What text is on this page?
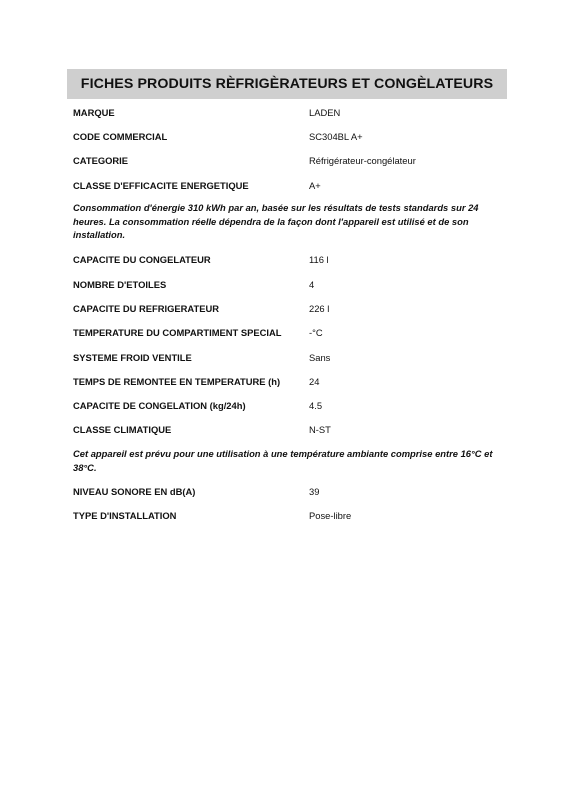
FICHES PRODUITS RÈFRIGÈRATEURS ET CONGÈLATEURS
MARQUE	LADEN
CODE COMMERCIAL	SC304BL A+
CATEGORIE	Réfrigérateur-congélateur
CLASSE D'EFFICACITE ENERGETIQUE	A+
Consommation d'énergie 310 kWh par an, basée sur les résultats de tests standards sur 24 heures. La consommation réelle dépendra de la façon dont l'appareil est utilisé et de son installation.
CAPACITE DU CONGELATEUR	116 l
NOMBRE D'ETOILES	4
CAPACITE DU REFRIGERATEUR	226 l
TEMPERATURE DU COMPARTIMENT SPECIAL	-°C
SYSTEME FROID VENTILE	Sans
TEMPS DE REMONTEE EN TEMPERATURE (h)	24
CAPACITE DE CONGELATION (kg/24h)	4.5
CLASSE CLIMATIQUE	N-ST
Cet appareil est prévu pour une utilisation à une température ambiante comprise entre 16°C et 38°C.
NIVEAU SONORE EN dB(A)	39
TYPE D'INSTALLATION	Pose-libre
